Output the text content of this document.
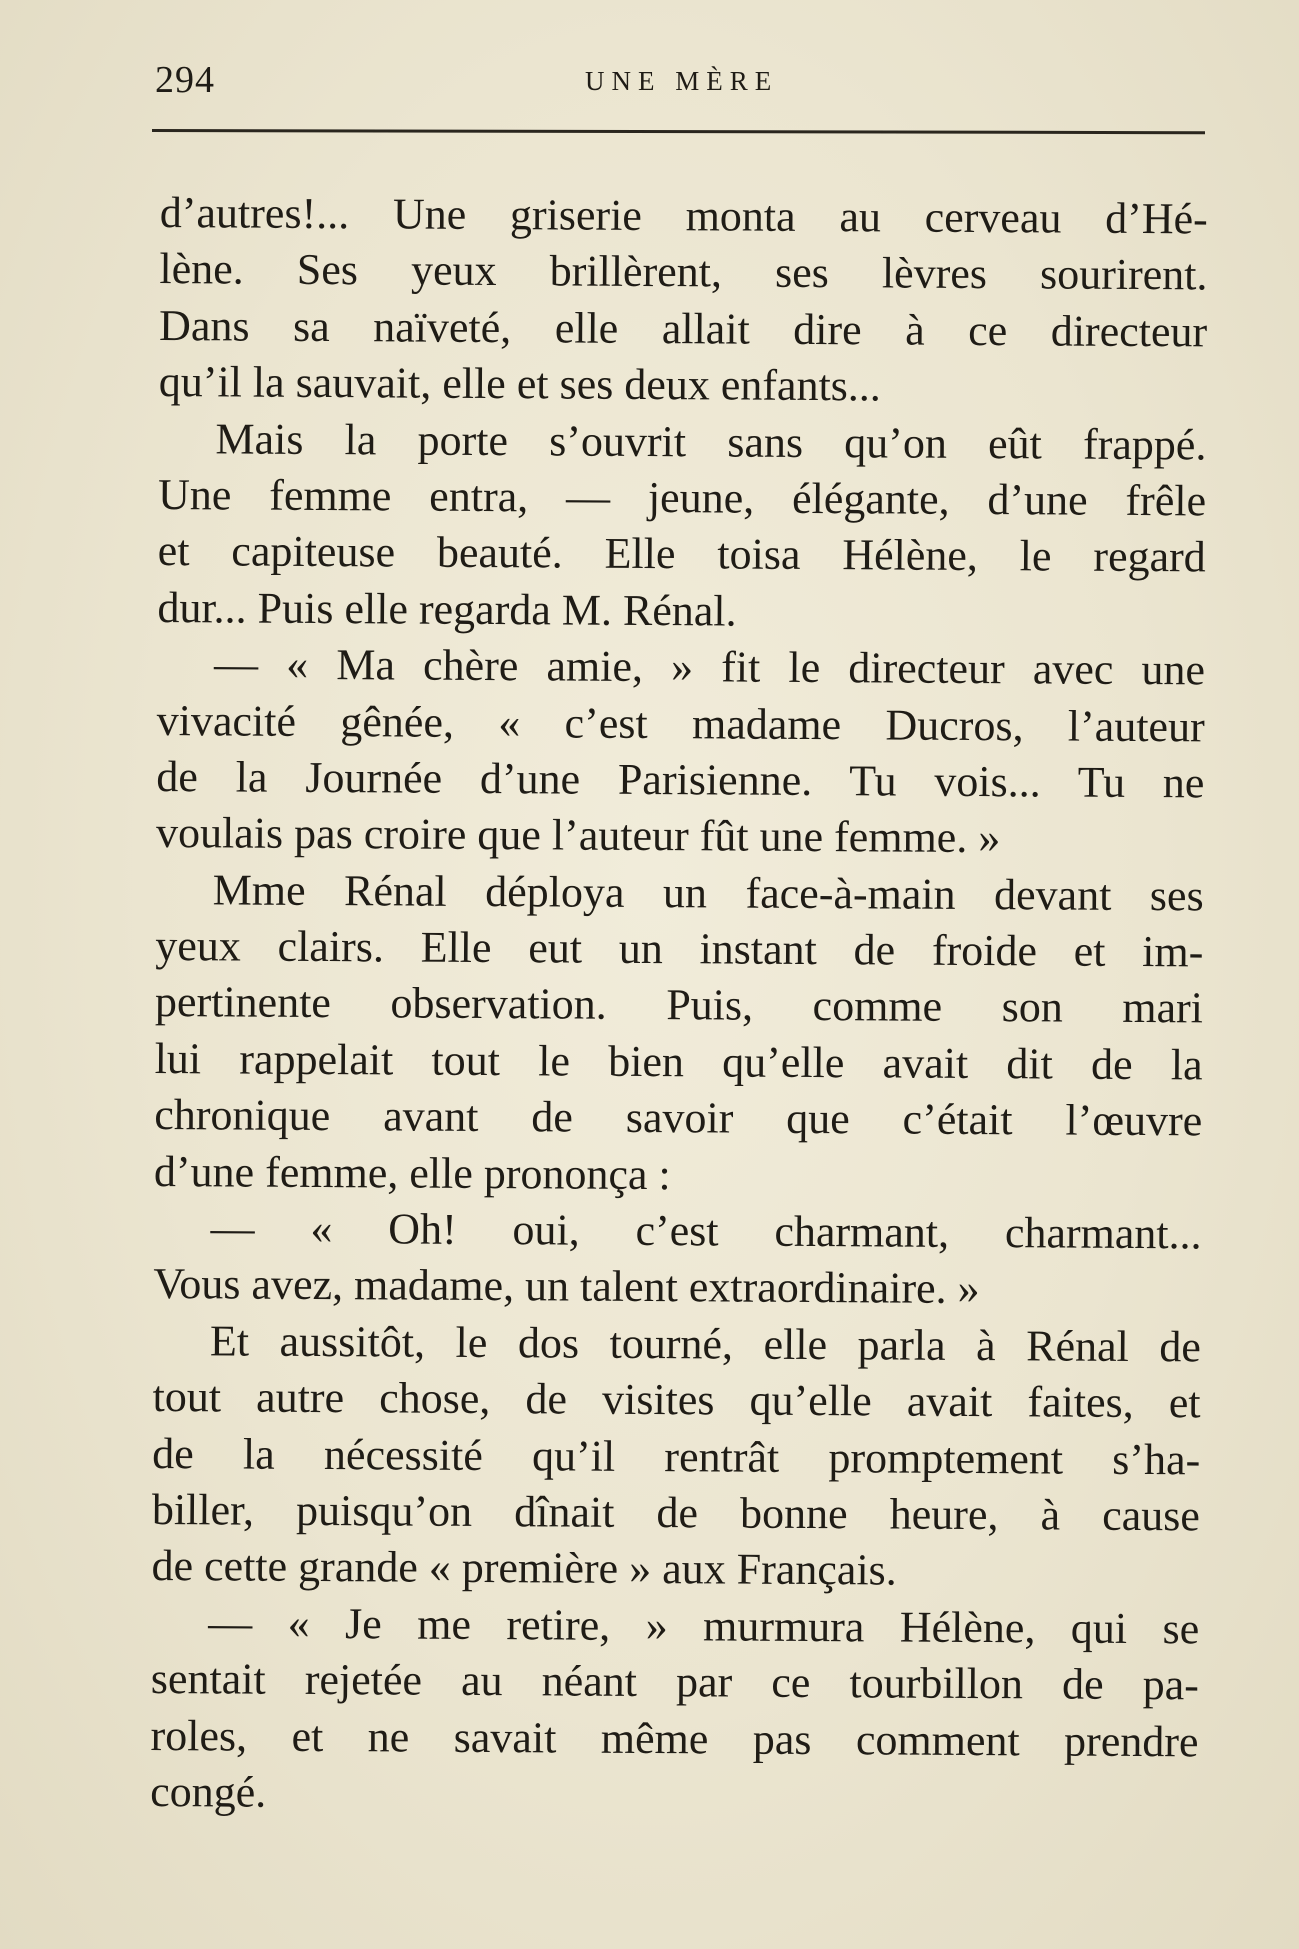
294	UNE MÈRE
d’autres!... Une griserie monta au cerveau d’Hé-
lène. Ses yeux brillèrent, ses lèvres sourirent.
Dans sa naïveté, elle allait dire à ce directeur
qu’il la sauvait, elle et ses deux enfants...
Mais la porte s’ouvrit sans qu’on eût frappé.
Une femme entra, — jeune, élégante, d’une frêle
et capiteuse beauté. Elle toisa Hélène, le regard
dur... Puis elle regarda M. Rénal.
— « Ma chère amie, » fit le directeur avec une
vivacité gênée, « c’est madame Ducros, l’auteur
de la Journée d’une Parisienne. Tu vois... Tu ne
voulais pas croire que l’auteur fût une femme. »
Mme Rénal déploya un face-à-main devant ses
yeux clairs. Elle eut un instant de froide et im-
pertinente observation. Puis, comme son mari
lui rappelait tout le bien qu’elle avait dit de la
chronique avant de savoir que c’était l’œuvre
d’une femme, elle prononça :
— « Oh! oui, c’est charmant, charmant...
Vous avez, madame, un talent extraordinaire. »
Et aussitôt, le dos tourné, elle parla à Rénal de
tout autre chose, de visites qu’elle avait faites, et
de la nécessité qu’il rentrât promptement s’ha-
biller, puisqu’on dînait de bonne heure, à cause
de cette grande « première » aux Français.
— « Je me retire, » murmura Hélène, qui se
sentait rejetée au néant par ce tourbillon de pa-
roles, et ne savait même pas comment prendre
congé.
